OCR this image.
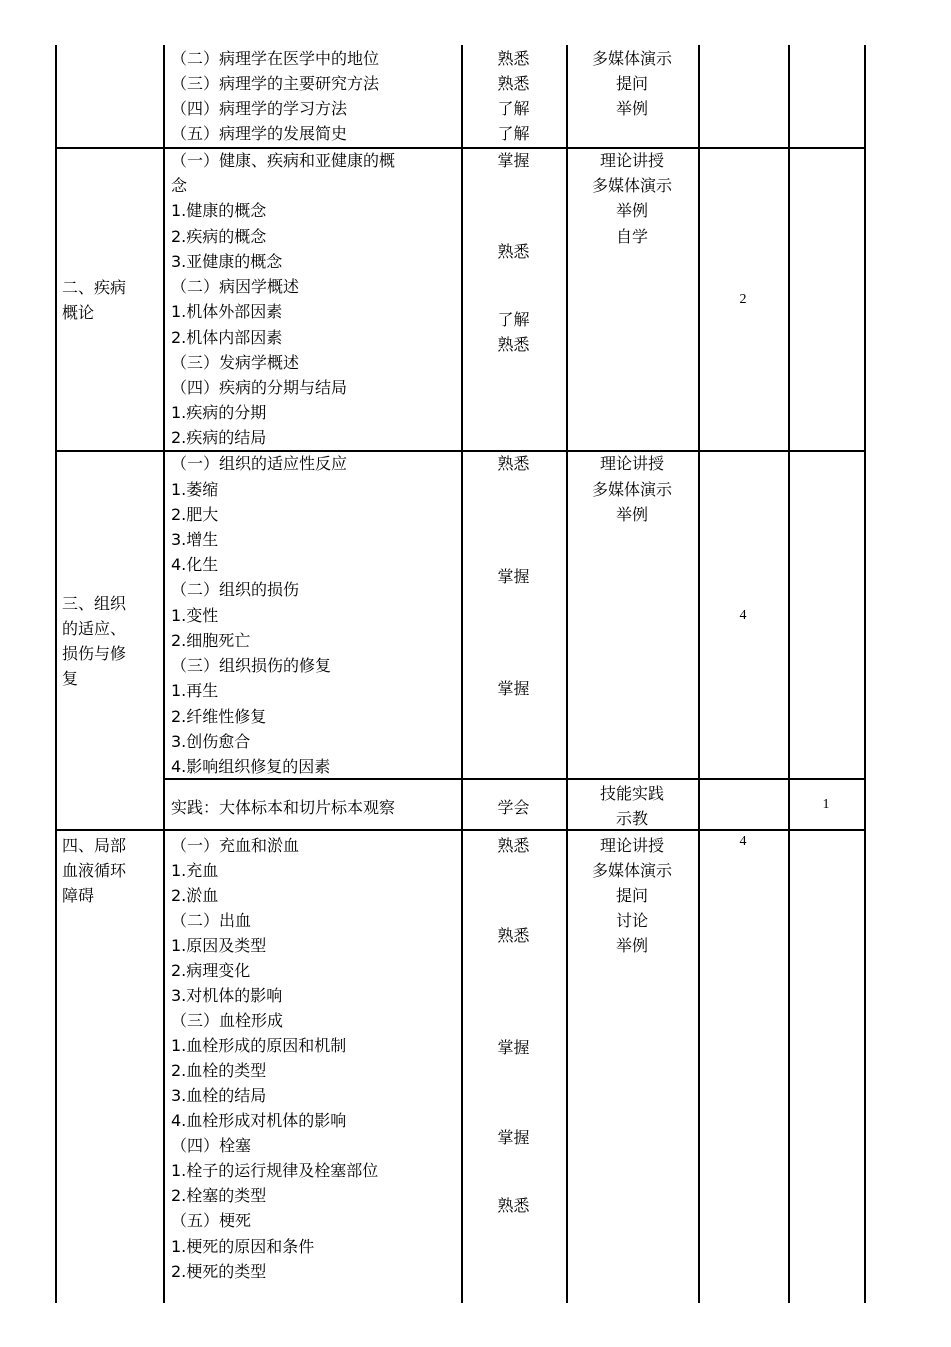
（二）病理学在医学中的地位
（三）病理学的主要研究方法
（四）病理学的学习方法
（五）病理学的发展简史
熟悉
熟悉
了解
了解
多媒体演示
提问
举例
二、疾病
概论
（一）健康、疾病和亚健康的概
念
1.健康的概念
2.疾病的概念
3.亚健康的概念
（二）病因学概述
1.机体外部因素
2.机体内部因素
（三）发病学概述
（四）疾病的分期与结局
1.疾病的分期
2.疾病的结局
掌握
熟悉
了解
熟悉
理论讲授
多媒体演示
举例
自学
2
三、组织
的适应、
损伤与修
复
（一）组织的适应性反应
1.萎缩
2.肥大
3.增生
4.化生
（二）组织的损伤
1.变性
2.细胞死亡
（三）组织损伤的修复
1.再生
2.纤维性修复
3.创伤愈合
4.影响组织修复的因素
熟悉
掌握
掌握
理论讲授
多媒体演示
举例
4
实践：大体标本和切片标本观察	学会
技能实践
示教
1
四、局部
血液循环
障碍
（一）充血和淤血
1.充血
2.淤血
（二）出血
1.原因及类型
2.病理变化
3.对机体的影响
（三）血栓形成
1.血栓形成的原因和机制
2.血栓的类型
3.血栓的结局
4.血栓形成对机体的影响
（四）栓塞
1.栓子的运行规律及栓塞部位
2.栓塞的类型
（五）梗死
1.梗死的原因和条件
2.梗死的类型
熟悉
熟悉
掌握
掌握
熟悉
理论讲授
多媒体演示
提问
讨论
举例
4
